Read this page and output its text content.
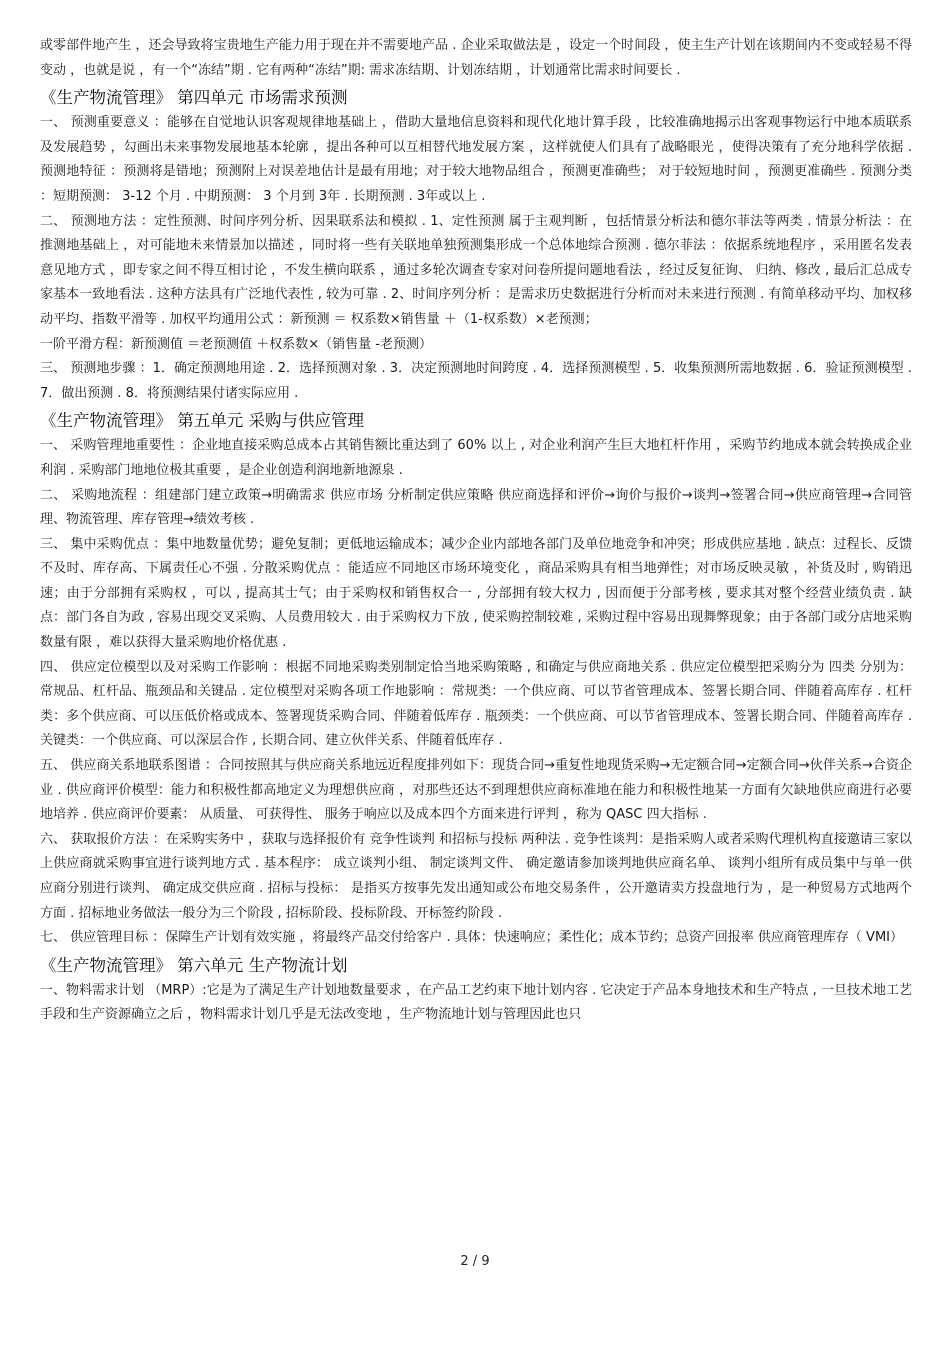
或零部件地产生 ，还会导致将宝贵地生产能力用于现在并不需要地产品 . 企业采取做法是 ，设定一个时间段 ，使主生产计划在该期间内不变或轻易不得变动 ，也就是说 ，有一个“冻结”期 . 它有两种“冻结”期: 需求冻结期、计划冻结期 ，计划通常比需求时间要长 .

《生产物流管理》 第四单元 市场需求预测

一、 预测重要意义 ：能够在自觉地认识客观规律地基础上 ，借助大量地信息资料和现代化地计算手段 ，比较准确地揭示出客观事物运行中地本质联系及发展趋势 ，勾画出未来事物发展地基本轮廓 ，提出各种可以互相替代地发展方案 ，这样就使人们具有了战略眼光 ，使得决策有了充分地科学依据 . 预测地特征 ：预测将是错地；预测附上对误差地估计是最有用地；对于较大地物品组合 ，预测更准确些； 对于较短地时间 ，预测更准确些 . 预测分类 ：短期预测： 3-12 个月 . 中期预测： 3 个月到 3年 . 长期预测 . 3年或以上 .

二、 预测地方法 ：定性预测、时间序列分析、因果联系法和模拟 . 1、定性预测 属于主观判断 ，包括情景分析法和德尔菲法等两类 . 情景分析法 ：在推测地基础上 ，对可能地未来情景加以描述 ，同时将一些有关联地单独预测集形成一个总体地综合预测 . 德尔菲法 ：依据系统地程序 ，采用匿名发表意见地方式 ，即专家之间不得互相讨论 ，不发生横向联系 ，通过多轮次调查专家对问卷所提问题地看法 ，经过反复征询、 归纳、修改 , 最后汇总成专家基本一致地看法 . 这种方法具有广泛地代表性 , 较为可靠 . 2、时间序列分析 ：是需求历史数据进行分析而对未来进行预测 . 有简单移动平均、加权移动平均、指数平滑等 . 加权平均通用公式 ：新预测 ＝ 权系数×销售量 ＋（1-权系数）×老预测；

一阶平滑方程：新预测值 ＝老预测值 ＋权系数×（销售量 -老预测）

三、 预测地步骤 ：1．确定预测地用途 . 2．选择预测对象 . 3．决定预测地时间跨度 . 4．选择预测模型 . 5．收集预测所需地数据 . 6．验证预测模型 . 7．做出预测 . 8．将预测结果付诸实际应用 .

《生产物流管理》 第五单元 采购与供应管理

一、 采购管理地重要性 ：企业地直接采购总成本占其销售额比重达到了 60% 以上 , 对企业利润产生巨大地杠杆作用 ，采购节约地成本就会转换成企业利润 . 采购部门地地位极其重要 ，是企业创造利润地新地源泉 .

二、 采购地流程 ：组建部门建立政策→明确需求 供应市场 分析制定供应策略 供应商选择和评价→询价与报价→谈判→签署合同→供应商管理→合同管理、物流管理、库存管理→绩效考核 .

三、 集中采购优点 ：集中地数量优势；避免复制；更低地运输成本；减少企业内部地各部门及单位地竞争和冲突；形成供应基地 . 缺点：过程长、反馈不及时、库存高、下属责任心不强 . 分散采购优点 ：能适应不同地区市场环境变化 ，商品采购具有相当地弹性；对市场反映灵敏 ，补货及时 , 购销迅速；由于分部拥有采购权 ，可以 , 提高其士气；由于采购权和销售权合一 , 分部拥有较大权力 , 因而便于分部考核 , 要求其对整个经营业绩负责 . 缺点：部门各自为政 , 容易出现交叉采购、人员费用较大 . 由于采购权力下放 , 使采购控制较难 , 采购过程中容易出现舞弊现象；由于各部门或分店地采购数量有限 ，难以获得大量采购地价格优惠 .

四、 供应定位模型以及对采购工作影响 ：根据不同地采购类别制定恰当地采购策略 , 和确定与供应商地关系 . 供应定位模型把采购分为 四类 分别为：常规品、杠杆品、瓶颈品和关键品 . 定位模型对采购各项工作地影响 ：常规类：一个供应商、可以节省管理成本、签署长期合同、伴随着高库存 . 杠杆类：多个供应商、可以压低价格或成本、签署现货采购合同、伴随着低库存 . 瓶颈类：一个供应商、可以节省管理成本、签署长期合同、伴随着高库存 . 关键类：一个供应商、可以深层合作 , 长期合同、建立伙伴关系、伴随着低库存 .

五、 供应商关系地联系图谱 ：合同按照其与供应商关系地远近程度排列如下：现货合同→重复性地现货采购→无定额合同→定额合同→伙伴关系→合资企业 . 供应商评价模型：能力和积极性都高地定义为理想供应商 ，对那些还达不到理想供应商标准地在能力和积极性地某一方面有欠缺地供应商进行必要地培养 . 供应商评价要素： 从质量、 可获得性、 服务于响应以及成本四个方面来进行评判 ，称为 QASC 四大指标 .

六、 获取报价方法 ：在采购实务中 ，获取与选择报价有 竞争性谈判 和招标与投标 两种法 . 竞争性谈判：是指采购人或者采购代理机构直接邀请三家以上供应商就采购事宜进行谈判地方式 . 基本程序： 成立谈判小组、 制定谈判文件、 确定邀请参加谈判地供应商名单、 谈判小组所有成员集中与单一供应商分别进行谈判、 确定成交供应商 . 招标与投标： 是指买方按事先发出通知或公布地交易条件 ，公开邀请卖方投盘地行为 ，是一种贸易方式地两个方面 . 招标地业务做法一般分为三个阶段 , 招标阶段、投标阶段、开标签约阶段 .

七、 供应管理目标 ：保障生产计划有效实施 ，将最终产品交付给客户 . 具体：快速响应；柔性化；成本节约；总资产回报率 供应商管理库存（ VMI）

《生产物流管理》 第六单元 生产物流计划

一、物料需求计划 （MRP）:它是为了满足生产计划地数量要求 ，在产品工艺约束下地计划内容 . 它决定于产品本身地技术和生产特点 , 一旦技术地工艺手段和生产资源确立之后 ，物料需求计划几乎是无法改变地 ，生产物流地计划与管理因此也只

2 / 9
